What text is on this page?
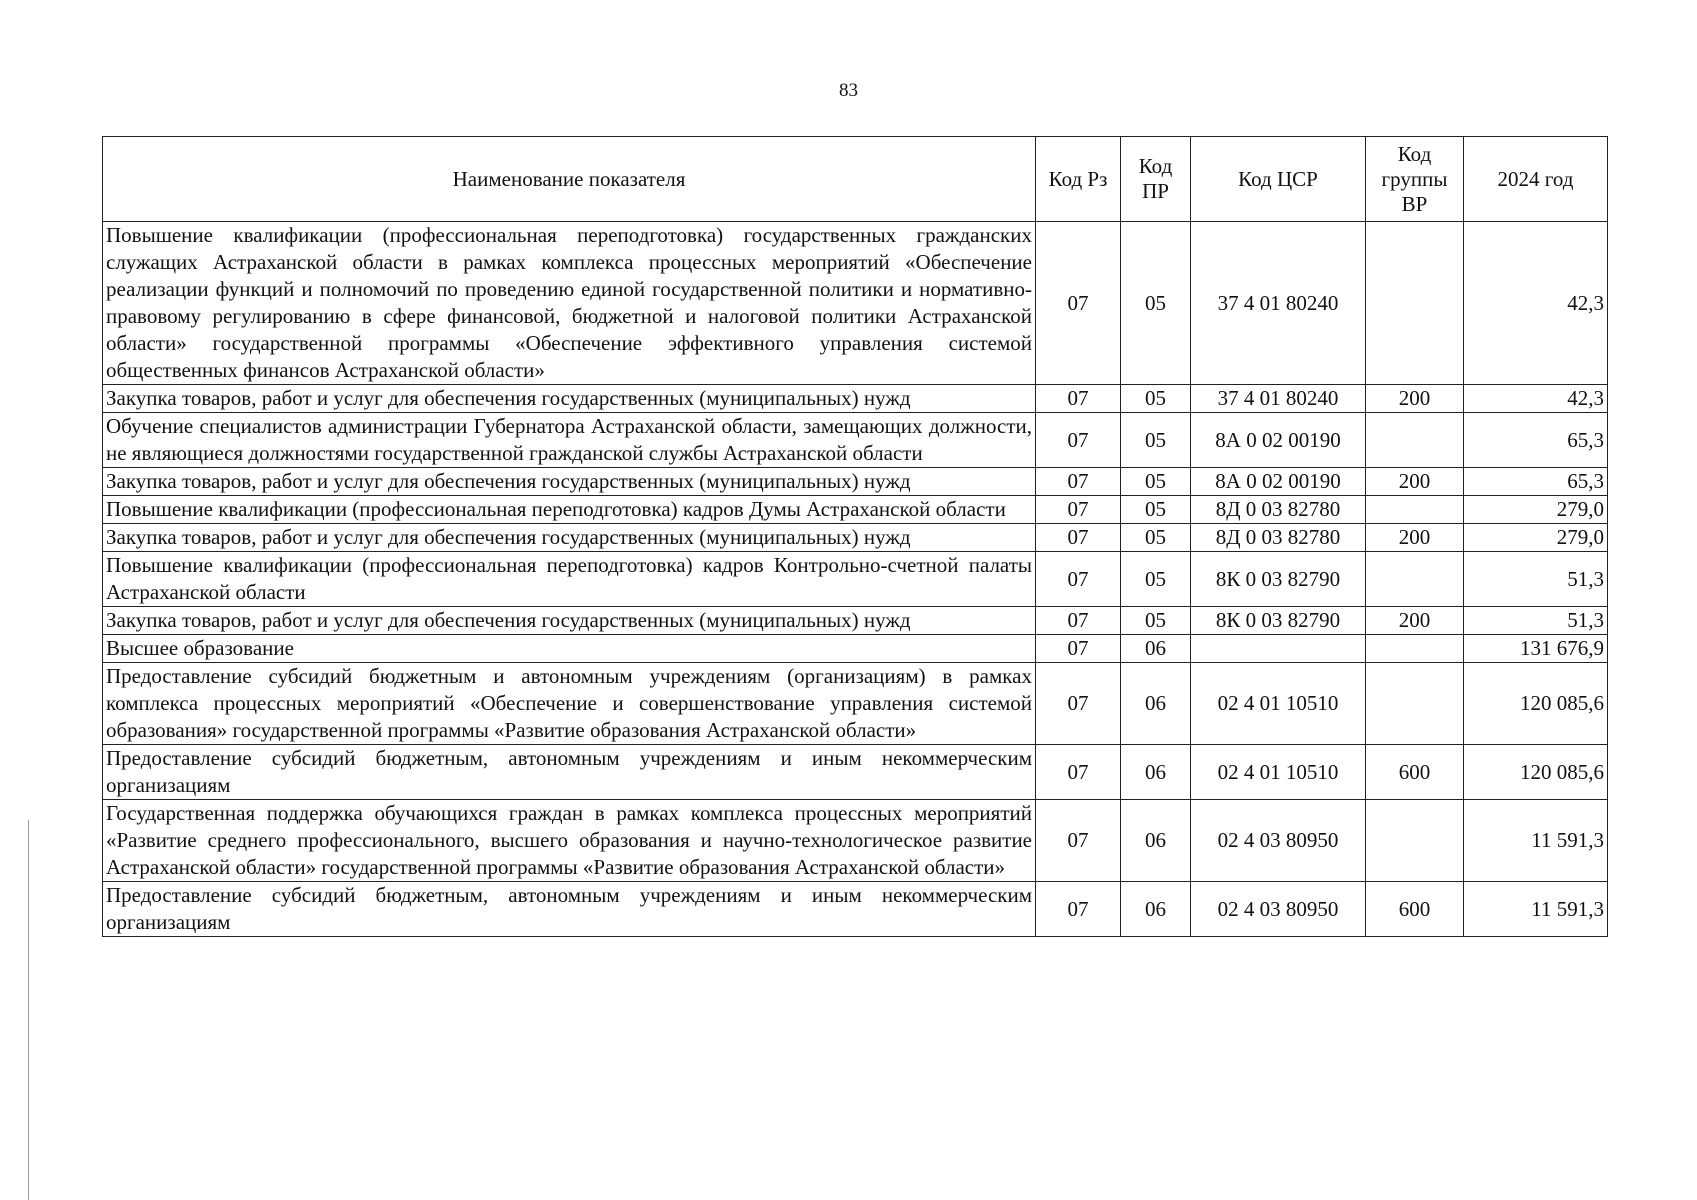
83
Наименование показателя	Код Рз	Код ПР	Код ЦСР	Код группы ВР	2024 год
Повышение квалификации (профессиональная переподготовка) государственных гражданских служащих Астраханской области в рамках комплекса процессных мероприятий «Обеспечение реализации функций и полномочий по проведению единой государственной политики и нормативно-правовому регулированию в сфере финансовой, бюджетной и налоговой политики Астраханской области» государственной программы «Обеспечение эффективного управления системой общественных финансов Астраханской области»	07	05	37 4 01 80240		42,3
Закупка товаров, работ и услуг для обеспечения государственных (муниципальных) нужд	07	05	37 4 01 80240	200	42,3
Обучение специалистов администрации Губернатора Астраханской области, замещающих должности, не являющиеся должностями государственной гражданской службы Астраханской области	07	05	8А 0 02 00190		65,3
Закупка товаров, работ и услуг для обеспечения государственных (муниципальных) нужд	07	05	8А 0 02 00190	200	65,3
Повышение квалификации (профессиональная переподготовка) кадров Думы Астраханской области	07	05	8Д 0 03 82780		279,0
Закупка товаров, работ и услуг для обеспечения государственных (муниципальных) нужд	07	05	8Д 0 03 82780	200	279,0
Повышение квалификации (профессиональная переподготовка) кадров Контрольно-счетной палаты Астраханской области	07	05	8К 0 03 82790		51,3
Закупка товаров, работ и услуг для обеспечения государственных (муниципальных) нужд	07	05	8К 0 03 82790	200	51,3
Высшее образование	07	06			131 676,9
Предоставление субсидий бюджетным и автономным учреждениям (организациям) в рамках комплекса процессных мероприятий «Обеспечение и совершенствование управления системой образования» государственной программы «Развитие образования Астраханской области»	07	06	02 4 01 10510		120 085,6
Предоставление субсидий бюджетным, автономным учреждениям и иным некоммерческим организациям	07	06	02 4 01 10510	600	120 085,6
Государственная поддержка обучающихся граждан в рамках комплекса процессных мероприятий «Развитие среднего профессионального, высшего образования и научно-технологическое развитие Астраханской области» государственной программы «Развитие образования Астраханской области»	07	06	02 4 03 80950		11 591,3
Предоставление субсидий бюджетным, автономным учреждениям и иным некоммерческим организациям	07	06	02 4 03 80950	600	11 591,3
